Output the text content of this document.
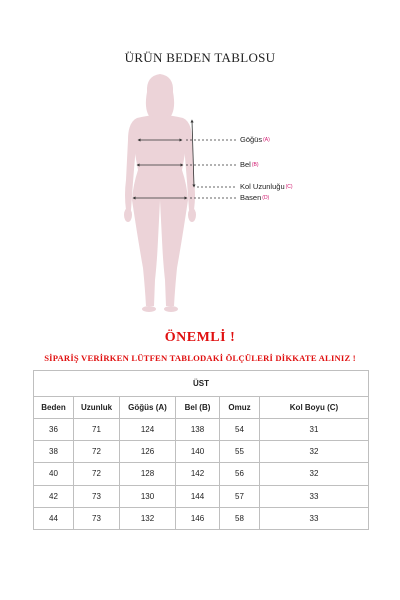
ÜRÜN BEDEN TABLOSU
Göğüs(A)
Bel(B)
Kol Uzunluğu(C)
Basen(D)
ÖNEMLİ !
SİPARİŞ VERİRKEN LÜTFEN TABLODAKİ ÖLÇÜLERİ DİKKATE ALINIZ !
ÜST					
Beden	Uzunluk	Göğüs (A)	Bel (B)	Omuz	Kol Boyu (C)
36	71	124	138	54	31
38	72	126	140	55	32
40	72	128	142	56	32
42	73	130	144	57	33
44	73	132	146	58	33
